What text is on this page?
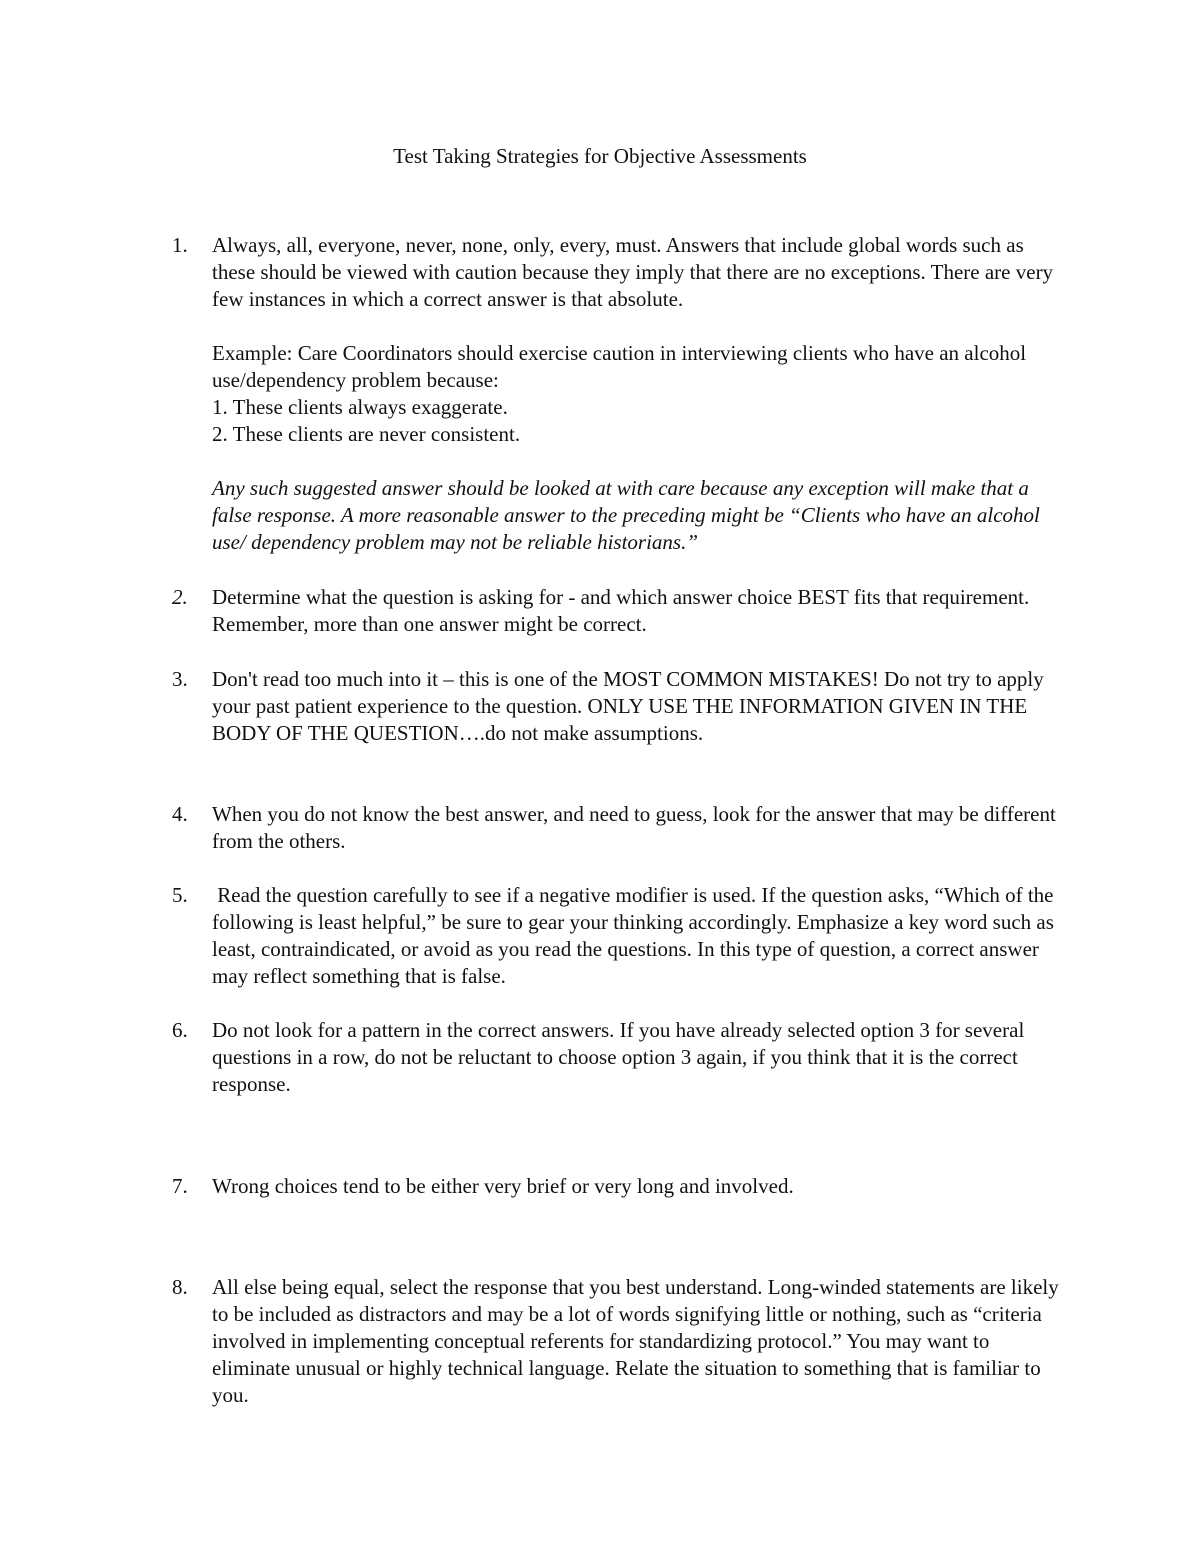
Test Taking Strategies for Objective Assessments
1.	Always, all, everyone, never, none, only, every, must. Answers that include global words such as these should be viewed with caution because they imply that there are no exceptions. There are very few instances in which a correct answer is that absolute.

Example: Care Coordinators should exercise caution in interviewing clients who have an alcohol use/dependency problem because:

1. These clients always exaggerate.

2. These clients are never consistent.

Any such suggested answer should be looked at with care because any exception will make that a false response. A more reasonable answer to the preceding might be “Clients who have an alcohol use/ dependency problem may not be reliable historians.”

2.	Determine what the question is asking for - and which answer choice BEST fits that requirement. Remember, more than one answer might be correct.

3.	Don't read too much into it – this is one of the MOST COMMON MISTAKES! Do not try to apply your past patient experience to the question. ONLY USE THE INFORMATION GIVEN IN THE BODY OF THE QUESTION….do not make assumptions.

4.	When you do not know the best answer, and need to guess, look for the answer that may be different from the others.

5.	Read the question carefully to see if a negative modifier is used. If the question asks, “Which of the following is least helpful,” be sure to gear your thinking accordingly. Emphasize a key word such as least, contraindicated, or avoid as you read the questions. In this type of question, a correct answer may reflect something that is false.

6.	Do not look for a pattern in the correct answers. If you have already selected option 3 for several questions in a row, do not be reluctant to choose option 3 again, if you think that it is the correct response.

7.	Wrong choices tend to be either very brief or very long and involved.

8.	All else being equal, select the response that you best understand. Long-winded statements are likely to be included as distractors and may be a lot of words signifying little or nothing, such as “criteria involved in implementing conceptual referents for standardizing protocol.” You may want to eliminate unusual or highly technical language. Relate the situation to something that is familiar to you.
